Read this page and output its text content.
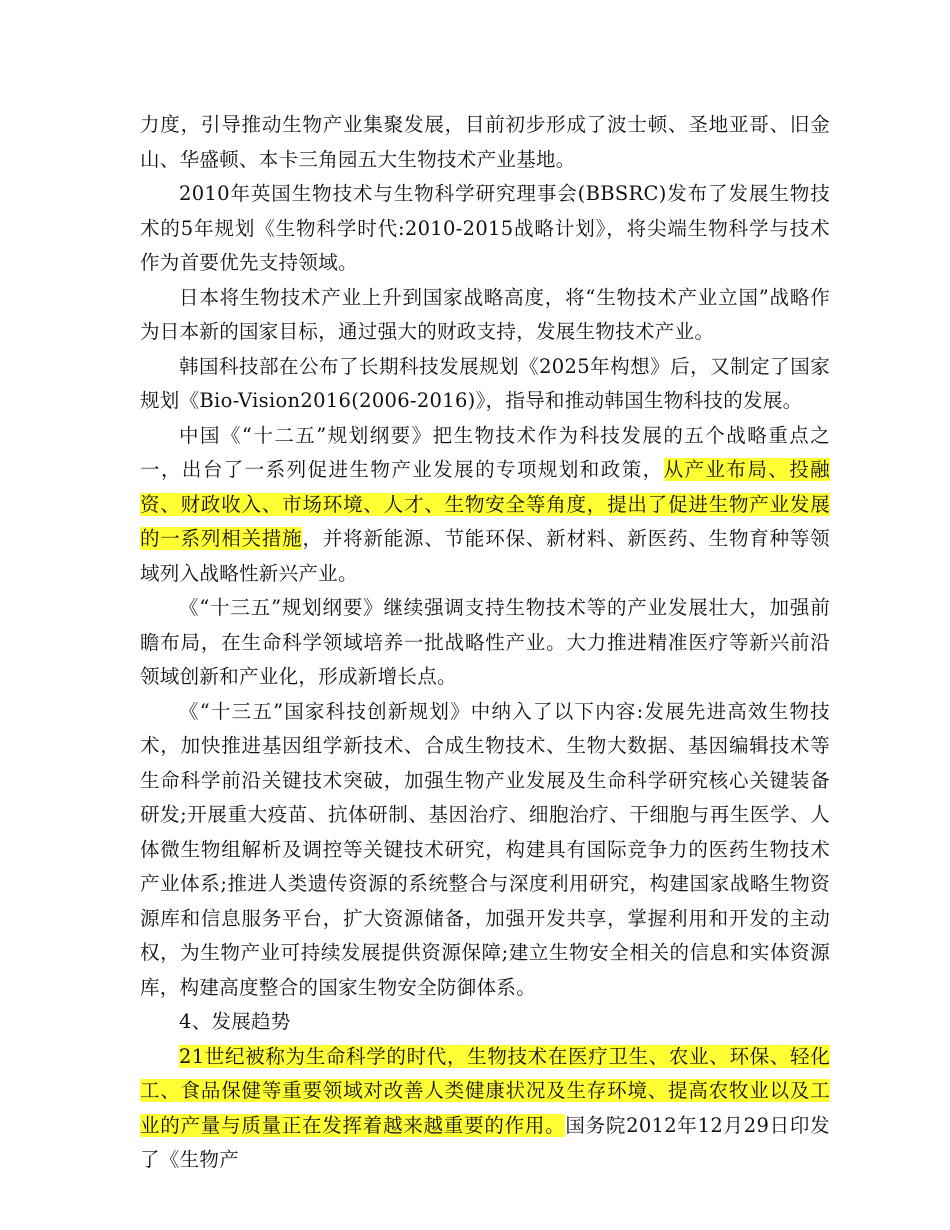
力度，引导推动生物产业集聚发展，目前初步形成了波士顿、圣地亚哥、旧金山、华盛顿、本卡三角园五大生物技术产业基地。

2010年英国生物技术与生物科学研究理事会(BBSRC)发布了发展生物技术的5年规划《生物科学时代:2010-2015战略计划》，将尖端生物科学与技术作为首要优先支持领域。

日本将生物技术产业上升到国家战略高度，将“生物技术产业立国”战略作为日本新的国家目标，通过强大的财政支持，发展生物技术产业。

韩国科技部在公布了长期科技发展规划《2025年构想》后，又制定了国家规划《Bio-Vision2016(2006-2016)》，指导和推动韩国生物科技的发展。

中国《“十二五”规划纲要》把生物技术作为科技发展的五个战略重点之一，出台了一系列促进生物产业发展的专项规划和政策，从产业布局、投融资、财政收入、市场环境、人才、生物安全等角度，提出了促进生物产业发展的一系列相关措施，并将新能源、节能环保、新材料、新医药、生物育种等领域列入战略性新兴产业。

《“十三五”规划纲要》继续强调支持生物技术等的产业发展壮大，加强前瞻布局，在生命科学领域培养一批战略性产业。大力推进精准医疗等新兴前沿领域创新和产业化，形成新增长点。

《“十三五”国家科技创新规划》中纳入了以下内容:发展先进高效生物技术，加快推进基因组学新技术、合成生物技术、生物大数据、基因编辑技术等生命科学前沿关键技术突破，加强生物产业发展及生命科学研究核心关键装备研发;开展重大疫苗、抗体研制、基因治疗、细胞治疗、干细胞与再生医学、人体微生物组解析及调控等关键技术研究，构建具有国际竞争力的医药生物技术产业体系;推进人类遗传资源的系统整合与深度利用研究，构建国家战略生物资源库和信息服务平台，扩大资源储备，加强开发共享，掌握利用和开发的主动权，为生物产业可持续发展提供资源保障;建立生物安全相关的信息和实体资源库，构建高度整合的国家生物安全防御体系。

4、发展趋势

21世纪被称为生命科学的时代，生物技术在医疗卫生、农业、环保、轻化工、食品保健等重要领域对改善人类健康状况及生存环境、提高农牧业以及工业的产量与质量正在发挥着越来越重要的作用。国务院2012年12月29日印发了《生物产
